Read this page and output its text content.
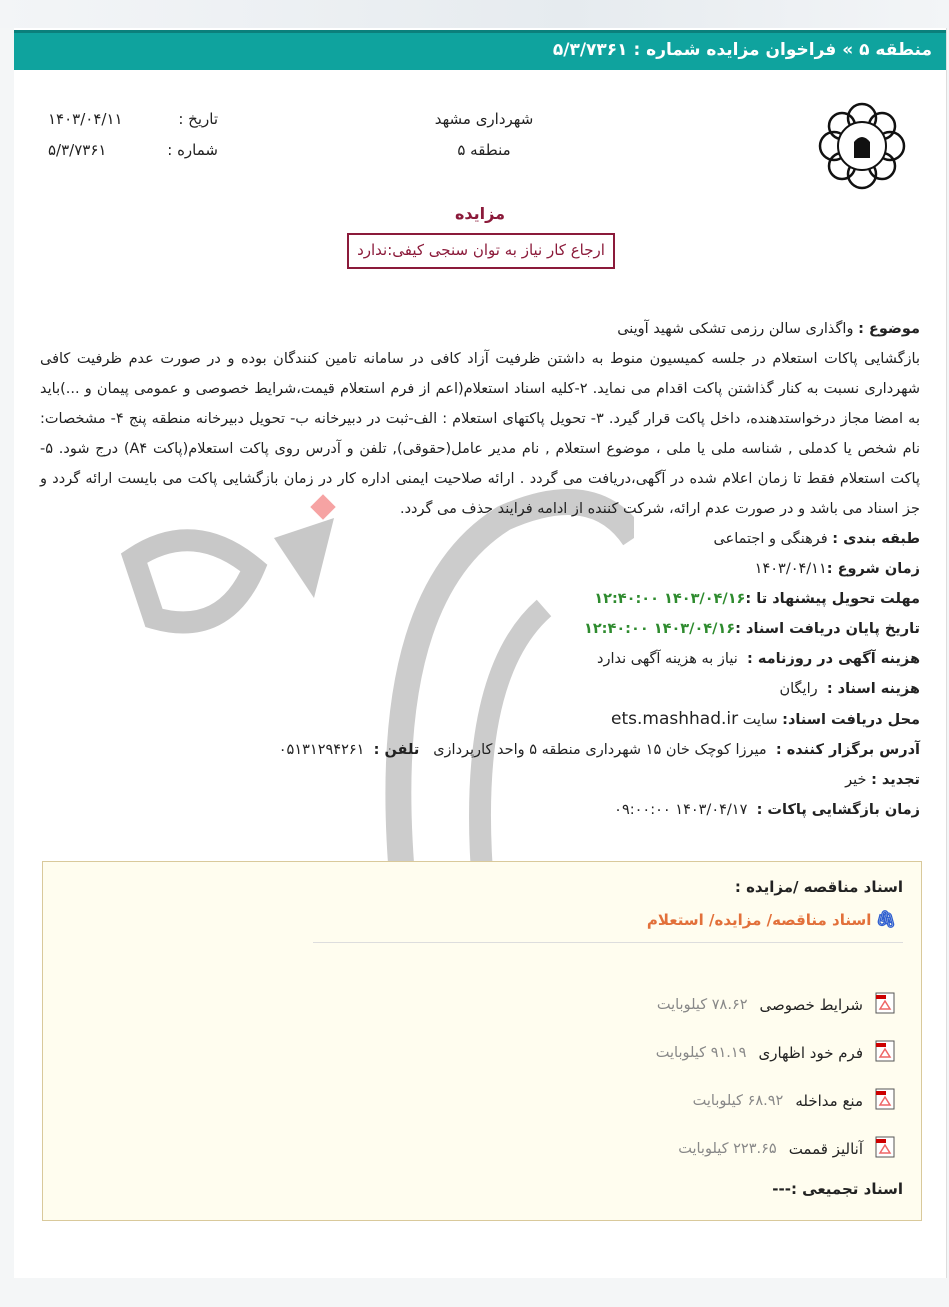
منطقه ۵ » فراخوان مزایده شماره : ۵/۳/۷۳۶۱
شهرداری مشهد
منطقه ۵
تاریخ :
۱۴۰۳/۰۴/۱۱
شماره :
۵/۳/۷۳۶۱
مزایده
ارجاع کار نیاز به توان سنجی کیفی:ندارد
موضوع : واگذاری سالن رزمی تشکی شهید آوینی
بازگشایی پاکات استعلام در جلسه کمیسیون منوط به داشتن ظرفیت آزاد کافی در سامانه تامین کنندگان بوده و در صورت عدم ظرفیت کافی شهرداری نسبت به کنار گذاشتن پاکت اقدام می نماید. ۲-کلیه اسناد استعلام(اعم از فرم استعلام قیمت،شرایط خصوصی و عمومی پیمان و ...)باید به امضا مجاز درخواستدهنده، داخل پاکت قرار گیرد. ۳- تحویل پاکتهای استعلام : الف-ثبت در دبیرخانه ب- تحویل دبیرخانه منطقه پنج ۴- مشخصات: نام شخص یا کدملی , شناسه ملی یا ملی ، موضوع استعلام , نام مدیر عامل(حقوقی), تلفن و آدرس روی پاکت استعلام(پاکت A۴) درج شود. ۵- پاکت استعلام فقط تا زمان اعلام شده در آگهی،دریافت می گردد . ارائه صلاحیت ایمنی اداره کار در زمان بازگشایی پاکت می بایست ارائه گردد و جز اسناد می باشد و در صورت عدم ارائه، شرکت کننده از ادامه فرایند حذف می گردد.
طبقه بندی : فرهنگی و اجتماعی
زمان شروع :۱۴۰۳/۰۴/۱۱
مهلت تحویل پیشنهاد تا :۱۴۰۳/۰۴/۱۶ ۱۲:۴۰:۰۰
تاریخ پایان دریافت اسناد :۱۴۰۳/۰۴/۱۶ ۱۲:۴۰:۰۰
هزینه آگهی در روزنامه :  نیاز به هزینه آگهی ندارد
هزینه اسناد :  رایگان
محل دریافت اسناد: سایت ets.mashhad.ir
آدرس برگزار کننده :  میرزا کوچک خان ۱۵ شهرداری منطقه ۵ واحد کارپردازی   تلفن :  ۰۵۱۳۱۲۹۴۲۶۱
تجدید : خیر
زمان بازگشایی پاکات :  ۱۴۰۳/۰۴/۱۷ ۰۹:۰۰:۰۰
اسناد مناقصه /مزایده :
🖇
اسناد مناقصه/ مزایده/ استعلام
شرایط خصوصی
۷۸.۶۲ کیلوبایت
فرم خود اظهاری
۹۱.۱۹ کیلوبایت
منع مداخله
۶۸.۹۲ کیلوبایت
آنالیز قممت
۲۲۳.۶۵ کیلوبایت
اسناد تجمیعی :---
